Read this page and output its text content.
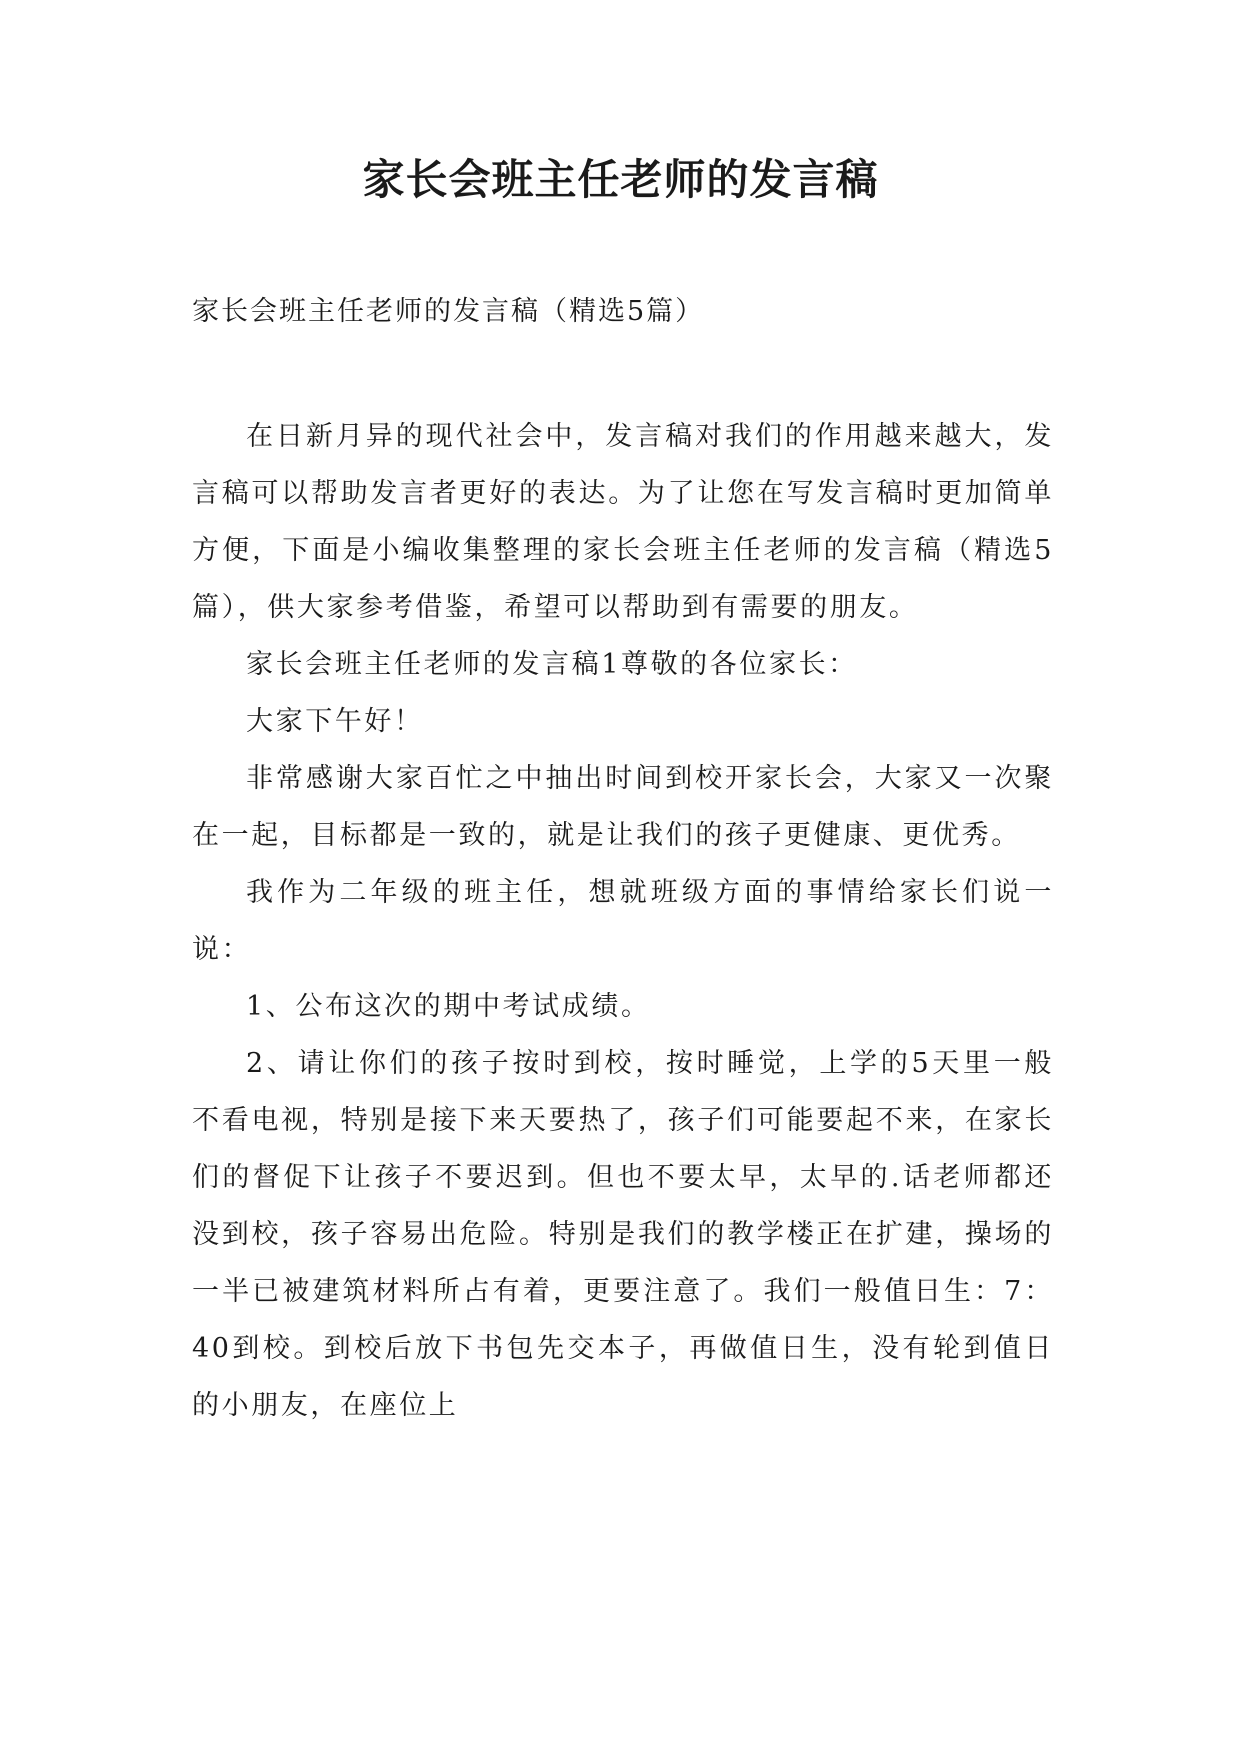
家长会班主任老师的发言稿

家长会班主任老师的发言稿（精选5篇）

在日新月异的现代社会中，发言稿对我们的作用越来越大，发言稿可以帮助发言者更好的表达。为了让您在写发言稿时更加简单方便，下面是小编收集整理的家长会班主任老师的发言稿（精选5篇），供大家参考借鉴，希望可以帮助到有需要的朋友。

家长会班主任老师的发言稿1尊敬的各位家长：

大家下午好！

非常感谢大家百忙之中抽出时间到校开家长会，大家又一次聚在一起，目标都是一致的，就是让我们的孩子更健康、更优秀。

我作为二年级的班主任，想就班级方面的事情给家长们说一说：

1、公布这次的期中考试成绩。

2、请让你们的孩子按时到校，按时睡觉，上学的5天里一般不看电视，特别是接下来天要热了，孩子们可能要起不来，在家长们的督促下让孩子不要迟到。但也不要太早，太早的.话老师都还没到校，孩子容易出危险。特别是我们的教学楼正在扩建，操场的一半已被建筑材料所占有着，更要注意了。我们一般值日生：7：40到校。到校后放下书包先交本子，再做值日生，没有轮到值日的小朋友，在座位上
